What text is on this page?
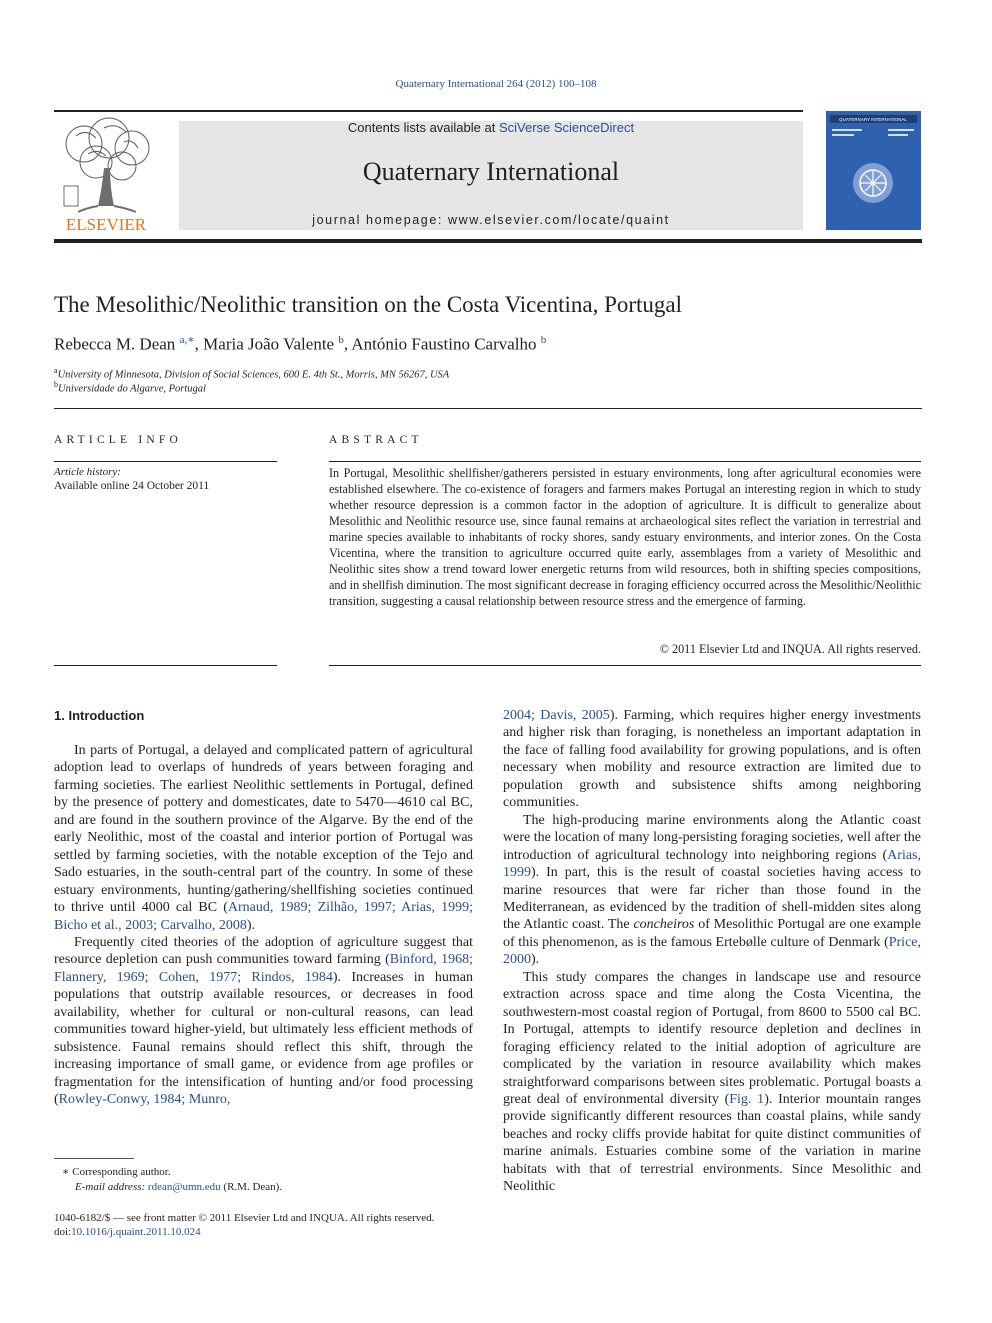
Quaternary International 264 (2012) 100–108
ELSEVIER
Contents lists available at SciVerse ScienceDirect
Quaternary International
journal homepage: www.elsevier.com/locate/quaint
QUATERNARY INTERNATIONAL
The Mesolithic/Neolithic transition on the Costa Vicentina, Portugal
Rebecca M. Dean $^{a,∗}$, Maria João Valente $^b$, António Faustino Carvalho $^b$
$^a$University of Minnesota, Division of Social Sciences, 600 E. 4th St., Morris, MN 56267, USA
$^b$Universidade do Algarve, Portugal
ARTICLE INFO
Article history:
Available online 24 October 2011
ABSTRACT
In Portugal, Mesolithic shellfisher/gatherers persisted in estuary environments, long after agricultural economies were established elsewhere. The co-existence of foragers and farmers makes Portugal an interesting region in which to study whether resource depression is a common factor in the adoption of agriculture. It is difficult to generalize about Mesolithic and Neolithic resource use, since faunal remains at archaeological sites reflect the variation in terrestrial and marine species available to inhabitants of rocky shores, sandy estuary environments, and interior zones. On the Costa Vicentina, where the transition to agriculture occurred quite early, assemblages from a variety of Mesolithic and Neolithic sites show a trend toward lower energetic returns from wild resources, both in shifting species compositions, and in shellfish diminution. The most significant decrease in foraging efficiency occurred across the Mesolithic/Neolithic transition, suggesting a causal relationship between resource stress and the emergence of farming.
© 2011 Elsevier Ltd and INQUA. All rights reserved.
1. Introduction

In parts of Portugal, a delayed and complicated pattern of agricultural adoption lead to overlaps of hundreds of years between foraging and farming societies. The earliest Neolithic settlements in Portugal, defined by the presence of pottery and domesticates, date to 5470—4610 cal BC, and are found in the southern province of the Algarve. By the end of the early Neolithic, most of the coastal and interior portion of Portugal was settled by farming societies, with the notable exception of the Tejo and Sado estuaries, in the south-central part of the country. In some of these estuary environments, hunting/gathering/shellfishing societies continued to thrive until 4000 cal BC (Arnaud, 1989; Zilhão, 1997; Arias, 1999; Bicho et al., 2003; Carvalho, 2008).

Frequently cited theories of the adoption of agriculture suggest that resource depletion can push communities toward farming (Binford, 1968; Flannery, 1969; Cohen, 1977; Rindos, 1984). Increases in human populations that outstrip available resources, or decreases in food availability, whether for cultural or non-cultural reasons, can lead communities toward higher-yield, but ultimately less efficient methods of subsistence. Faunal remains should reflect this shift, through the increasing importance of small game, or evidence from age profiles or fragmentation for the intensification of hunting and/or food processing (Rowley-Conwy, 1984; Munro,

2004; Davis, 2005). Farming, which requires higher energy investments and higher risk than foraging, is nonetheless an important adaptation in the face of falling food availability for growing populations, and is often necessary when mobility and resource extraction are limited due to population growth and subsistence shifts among neighboring communities.

The high-producing marine environments along the Atlantic coast were the location of many long-persisting foraging societies, well after the introduction of agricultural technology into neighboring regions (Arias, 1999). In part, this is the result of coastal societies having access to marine resources that were far richer than those found in the Mediterranean, as evidenced by the tradition of shell-midden sites along the Atlantic coast. The concheiros of Mesolithic Portugal are one example of this phenomenon, as is the famous Ertebølle culture of Denmark (Price, 2000).

This study compares the changes in landscape use and resource extraction across space and time along the Costa Vicentina, the southwestern-most coastal region of Portugal, from 8600 to 5500 cal BC. In Portugal, attempts to identify resource depletion and declines in foraging efficiency related to the initial adoption of agriculture are complicated by the variation in resource availability which makes straightforward comparisons between sites problematic. Portugal boasts a great deal of environmental diversity (Fig. 1). Interior mountain ranges provide significantly different resources than coastal plains, while sandy beaches and rocky cliffs provide habitat for quite distinct communities of marine animals. Estuaries combine some of the variation in marine habitats with that of terrestrial environments. Since Mesolithic and Neolithic

∗ Corresponding author.
E-mail address: rdean@umn.edu (R.M. Dean).
1040-6182/$ — see front matter © 2011 Elsevier Ltd and INQUA. All rights reserved.
doi:10.1016/j.quaint.2011.10.024
